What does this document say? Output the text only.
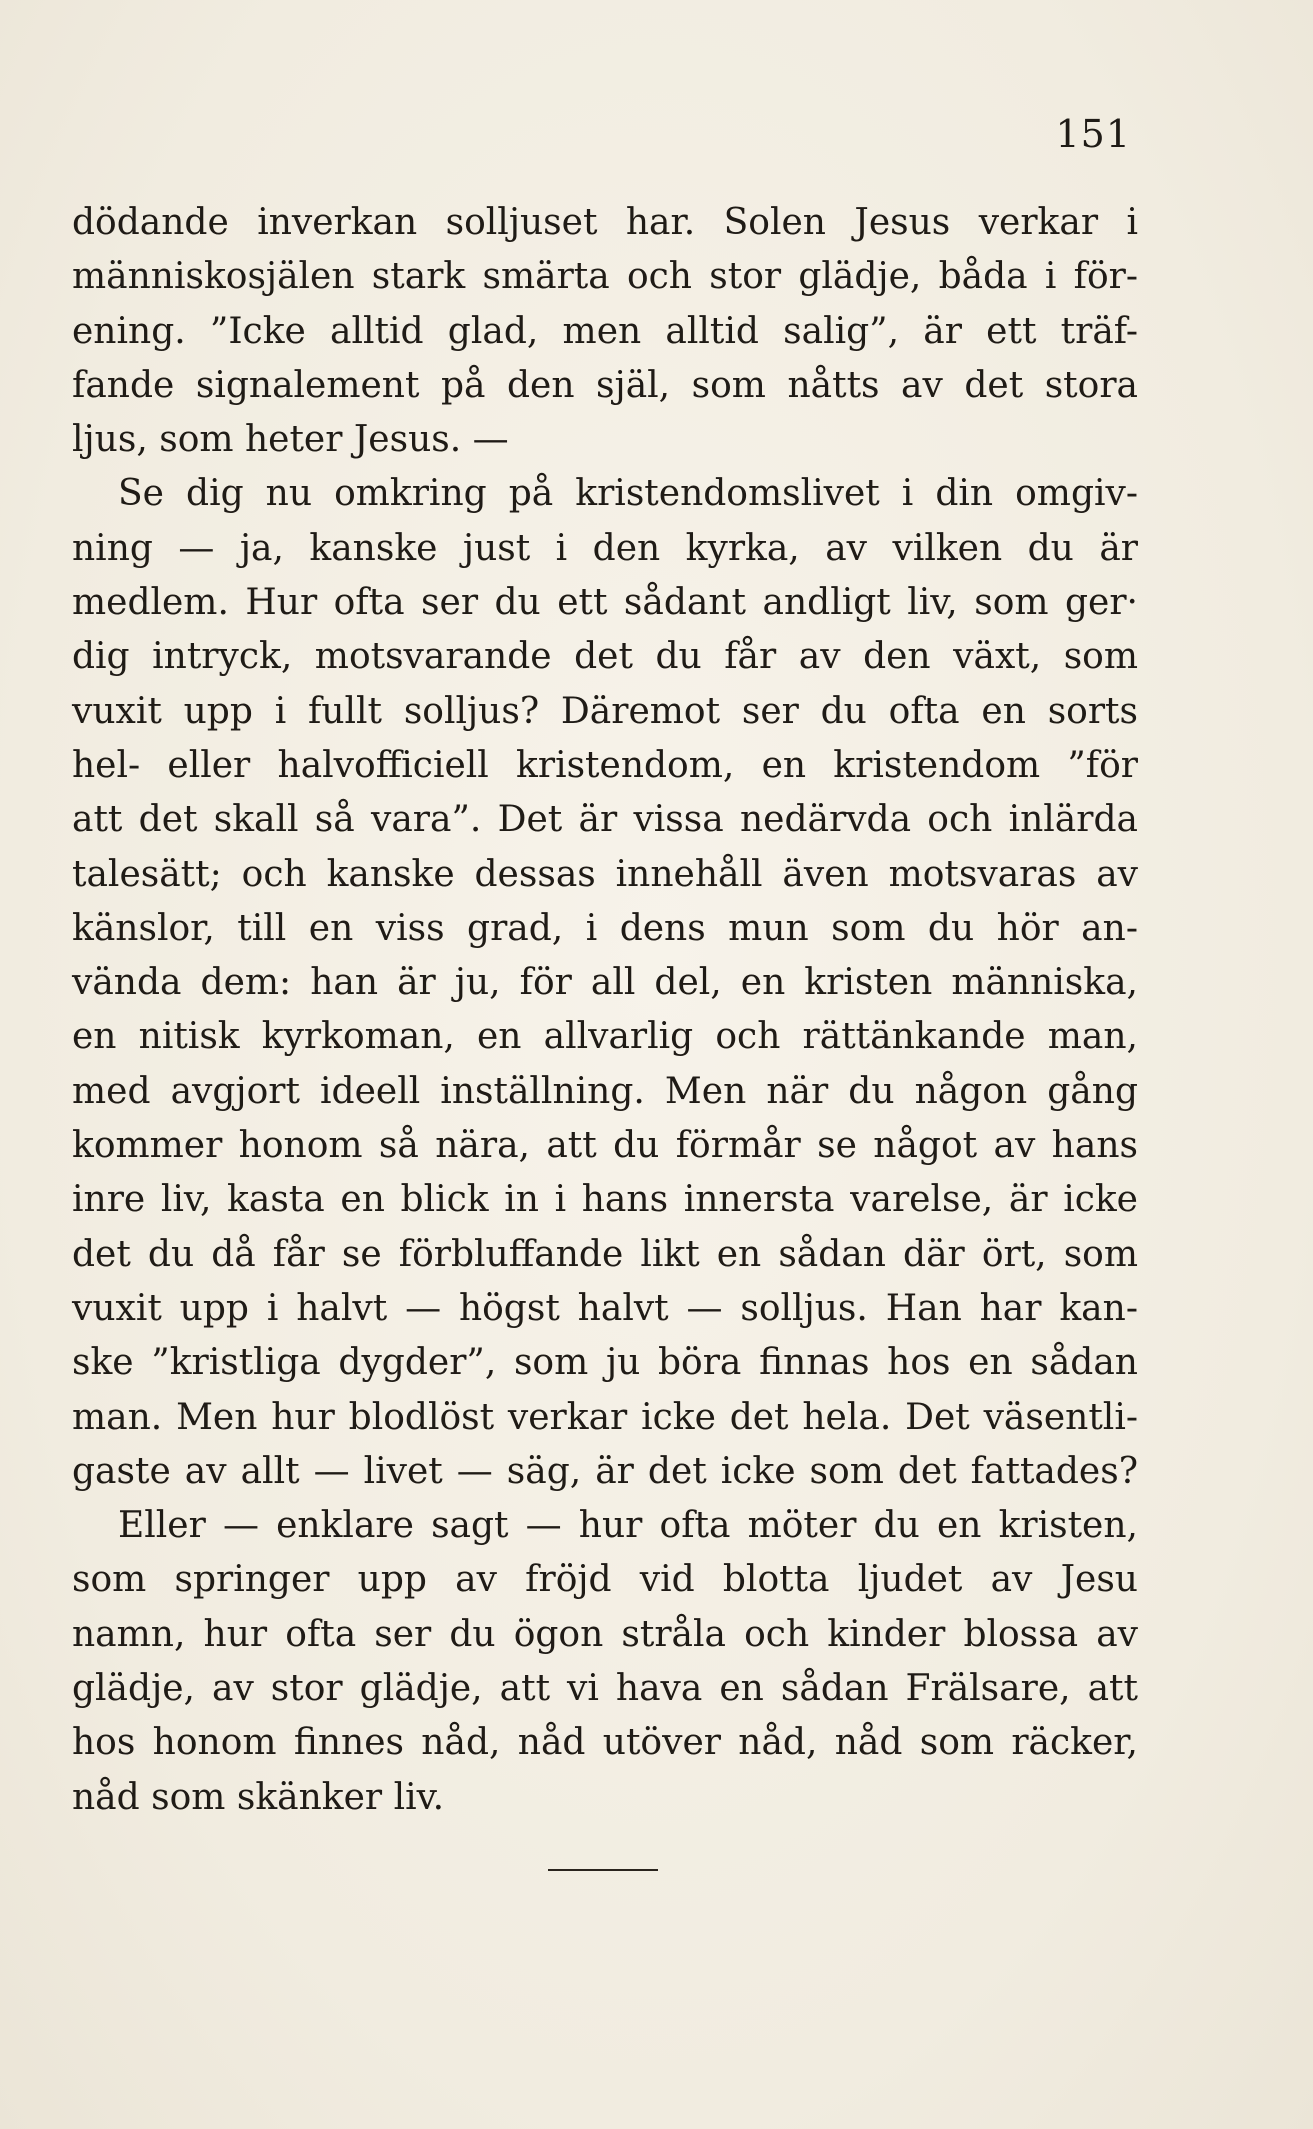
151
dödande inverkan solljuset har. Solen Jesus verkar i
människosjälen stark smärta och stor glädje, båda i för-
ening. ”Icke alltid glad, men alltid salig”, är ett träf-
fande signalement på den själ, som nåtts av det stora
ljus, som heter Jesus. —
Se dig nu omkring på kristendomslivet i din omgiv-
ning — ja, kanske just i den kyrka, av vilken du är
medlem. Hur ofta ser du ett sådant andligt liv, som ger·
dig intryck, motsvarande det du får av den växt, som
vuxit upp i fullt solljus? Däremot ser du ofta en sorts
hel- eller halvofficiell kristendom, en kristendom ”för
att det skall så vara”. Det är vissa nedärvda och inlärda
talesätt; och kanske dessas innehåll även motsvaras av
känslor, till en viss grad, i dens mun som du hör an-
vända dem: han är ju, för all del, en kristen människa,
en nitisk kyrkoman, en allvarlig och rättänkande man,
med avgjort ideell inställning. Men när du någon gång
kommer honom så nära, att du förmår se något av hans
inre liv, kasta en blick in i hans innersta varelse, är icke
det du då får se förbluffande likt en sådan där ört, som
vuxit upp i halvt — högst halvt — solljus. Han har kan-
ske ”kristliga dygder”, som ju böra finnas hos en sådan
man. Men hur blodlöst verkar icke det hela. Det väsentli-
gaste av allt — livet — säg, är det icke som det fattades?
Eller — enklare sagt — hur ofta möter du en kristen,
som springer upp av fröjd vid blotta ljudet av Jesu
namn, hur ofta ser du ögon stråla och kinder blossa av
glädje, av stor glädje, att vi hava en sådan Frälsare, att
hos honom finnes nåd, nåd utöver nåd, nåd som räcker,
nåd som skänker liv.
